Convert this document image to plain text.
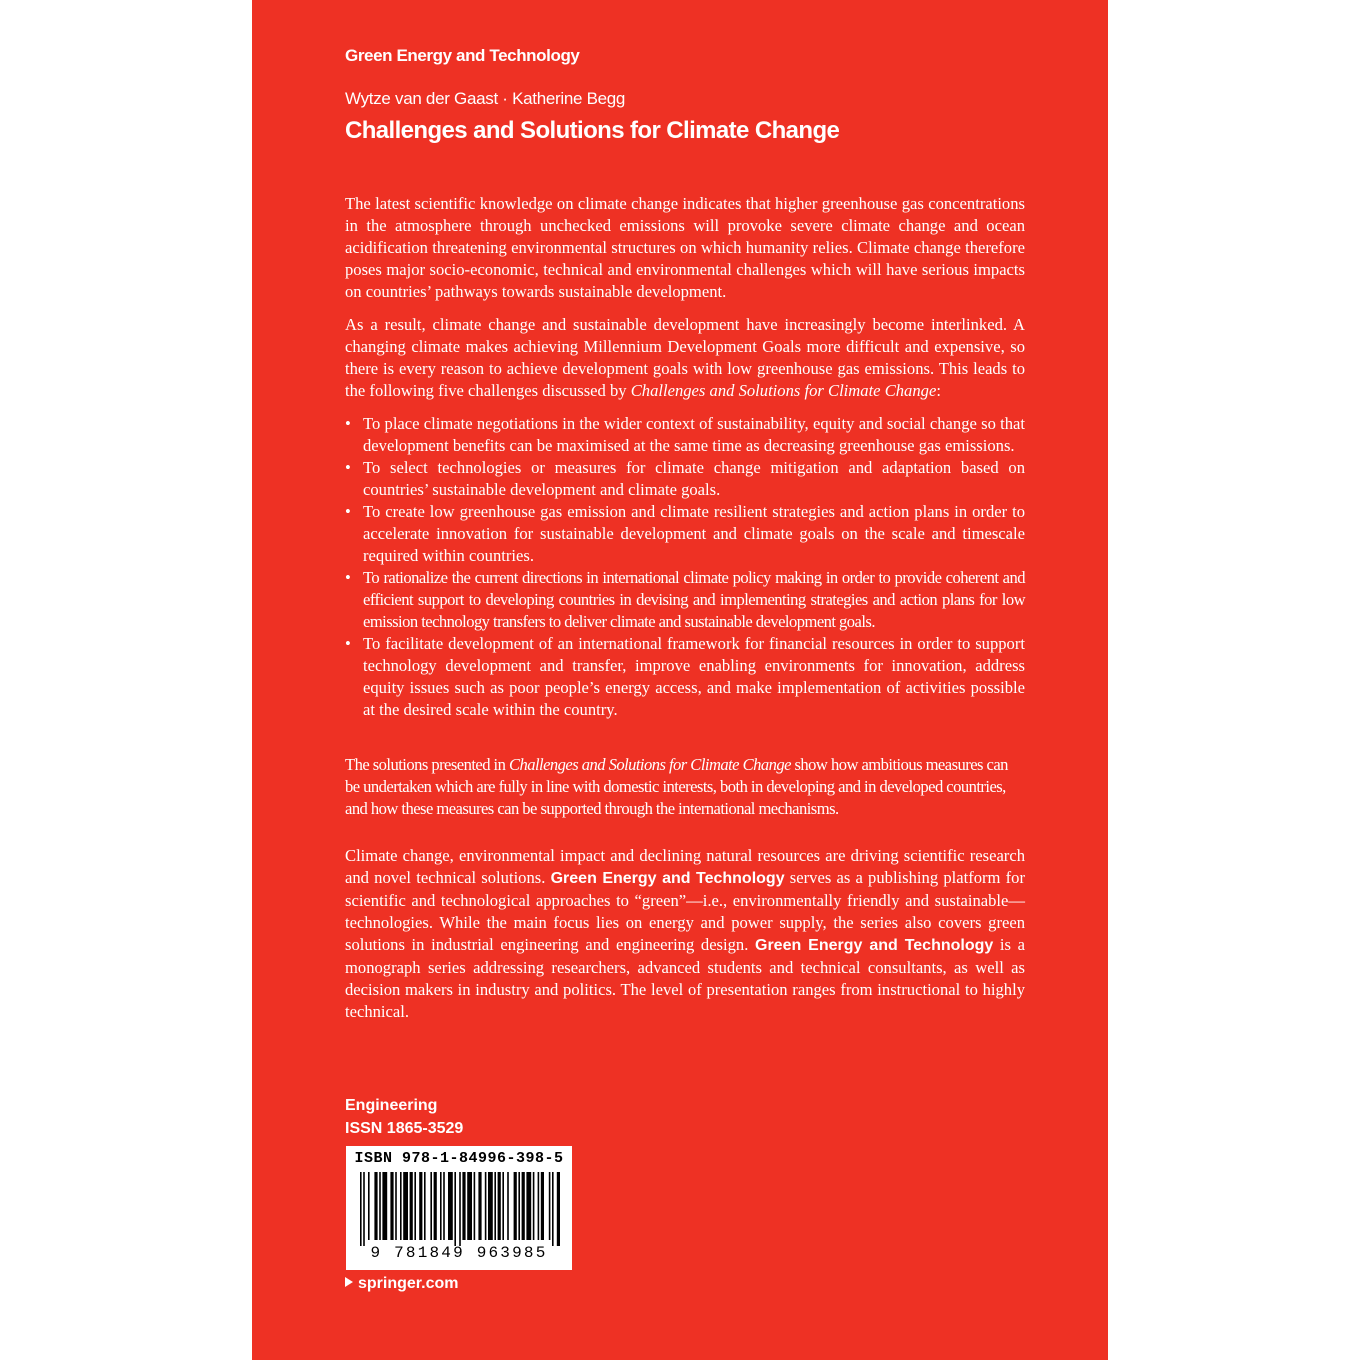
Green Energy and Technology
Wytze van der Gaast · Katherine Begg
Challenges and Solutions for Climate Change

The latest scientific knowledge on climate change indicates that higher greenhouse gas concentrations in the atmosphere through unchecked emissions will provoke severe climate change and ocean acidification threatening environmental structures on which humanity relies. Climate change therefore poses major socio-economic, technical and environmental challenges which will have serious impacts on countries’ pathways towards sustainable development.

As a result, climate change and sustainable development have increasingly become interlinked. A changing climate makes achieving Millennium Development Goals more difficult and expensive, so there is every reason to achieve development goals with low greenhouse gas emissions. This leads to the following five challenges discussed by Challenges and Solutions for Climate Change:

• To place climate negotiations in the wider context of sustainability, equity and social change so that development benefits can be maximised at the same time as decreasing greenhouse gas emissions.
• To select technologies or measures for climate change mitigation and adaptation based on countries’ sustainable development and climate goals.
• To create low greenhouse gas emission and climate resilient strategies and action plans in order to accelerate innovation for sustainable development and climate goals on the scale and timescale required within countries.
• To rationalize the current directions in international climate policy making in order to provide coherent and efficient support to developing countries in devising and implementing strategies and action plans for low emission technology transfers to deliver climate and sustainable development goals.
• To facilitate development of an international framework for financial resources in order to support technology development and transfer, improve enabling environments for innovation, address equity issues such as poor people’s energy access, and make implementation of activities possible at the desired scale within the country.

The solutions presented in Challenges and Solutions for Climate Change show how ambitious measures can be undertaken which are fully in line with domestic interests, both in developing and in developed countries, and how these measures can be supported through the international mechanisms.

Climate change, environmental impact and declining natural resources are driving scientific research and novel technical solutions. Green Energy and Technology serves as a publishing platform for scientific and technological approaches to “green”—i.e., environmentally friendly and sustainable—technologies. While the main focus lies on energy and power supply, the series also covers green solutions in industrial engineering and engineering design. Green Energy and Technology is a monograph series addressing researchers, advanced students and technical consultants, as well as decision makers in industry and politics. The level of presentation ranges from instructional to highly technical.

Engineering
ISSN 1865-3529
ISBN 978-1-84996-398-5
9 781849 963985
springer.com
